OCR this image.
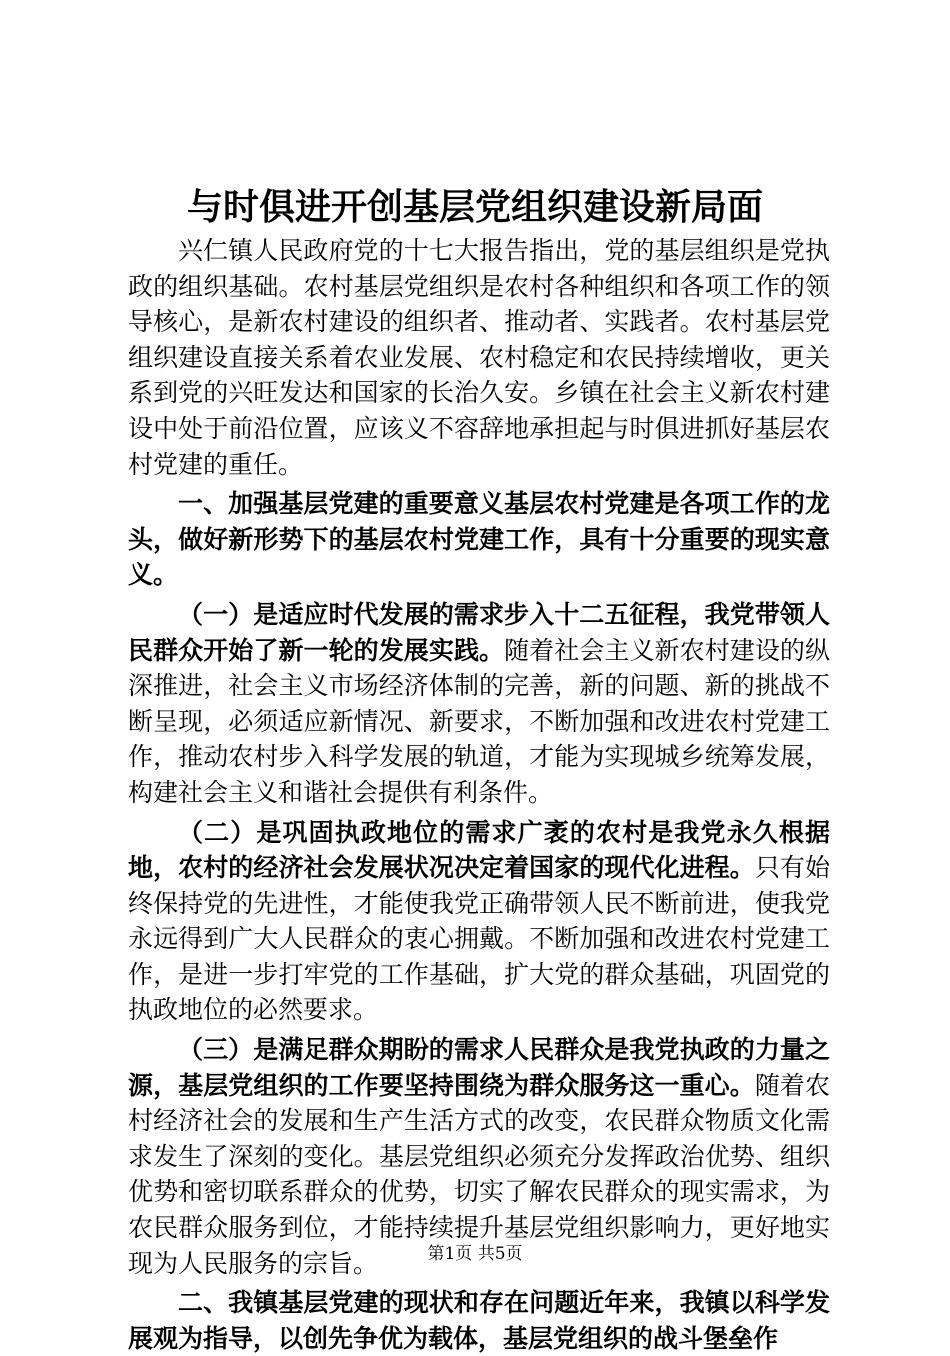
与时俱进开创基层党组织建设新局面

兴仁镇人民政府党的十七大报告指出，党的基层组织是党执政的组织基础。农村基层党组织是农村各种组织和各项工作的领导核心，是新农村建设的组织者、推动者、实践者。农村基层党组织建设直接关系着农业发展、农村稳定和农民持续增收，更关系到党的兴旺发达和国家的长治久安。乡镇在社会主义新农村建设中处于前沿位置，应该义不容辞地承担起与时俱进抓好基层农村党建的重任。

一、加强基层党建的重要意义基层农村党建是各项工作的龙头，做好新形势下的基层农村党建工作，具有十分重要的现实意义。

（一）是适应时代发展的需求步入十二五征程，我党带领人民群众开始了新一轮的发展实践。随着社会主义新农村建设的纵深推进，社会主义市场经济体制的完善，新的问题、新的挑战不断呈现，必须适应新情况、新要求，不断加强和改进农村党建工作，推动农村步入科学发展的轨道，才能为实现城乡统筹发展，构建社会主义和谐社会提供有利条件。

（二）是巩固执政地位的需求广袤的农村是我党永久根据地，农村的经济社会发展状况决定着国家的现代化进程。只有始终保持党的先进性，才能使我党正确带领人民不断前进，使我党永远得到广大人民群众的衷心拥戴。不断加强和改进农村党建工作，是进一步打牢党的工作基础，扩大党的群众基础，巩固党的执政地位的必然要求。

（三）是满足群众期盼的需求人民群众是我党执政的力量之源，基层党组织的工作要坚持围绕为群众服务这一重心。随着农村经济社会的发展和生产生活方式的改变，农民群众物质文化需求发生了深刻的变化。基层党组织必须充分发挥政治优势、组织优势和密切联系群众的优势，切实了解农民群众的现实需求，为农民群众服务到位，才能持续提升基层党组织影响力，更好地实现为人民服务的宗旨。

二、我镇基层党建的现状和存在问题近年来，我镇以科学发展观为指导，以创先争优为载体，基层党组织的战斗堡垒作

第1页 共5页
